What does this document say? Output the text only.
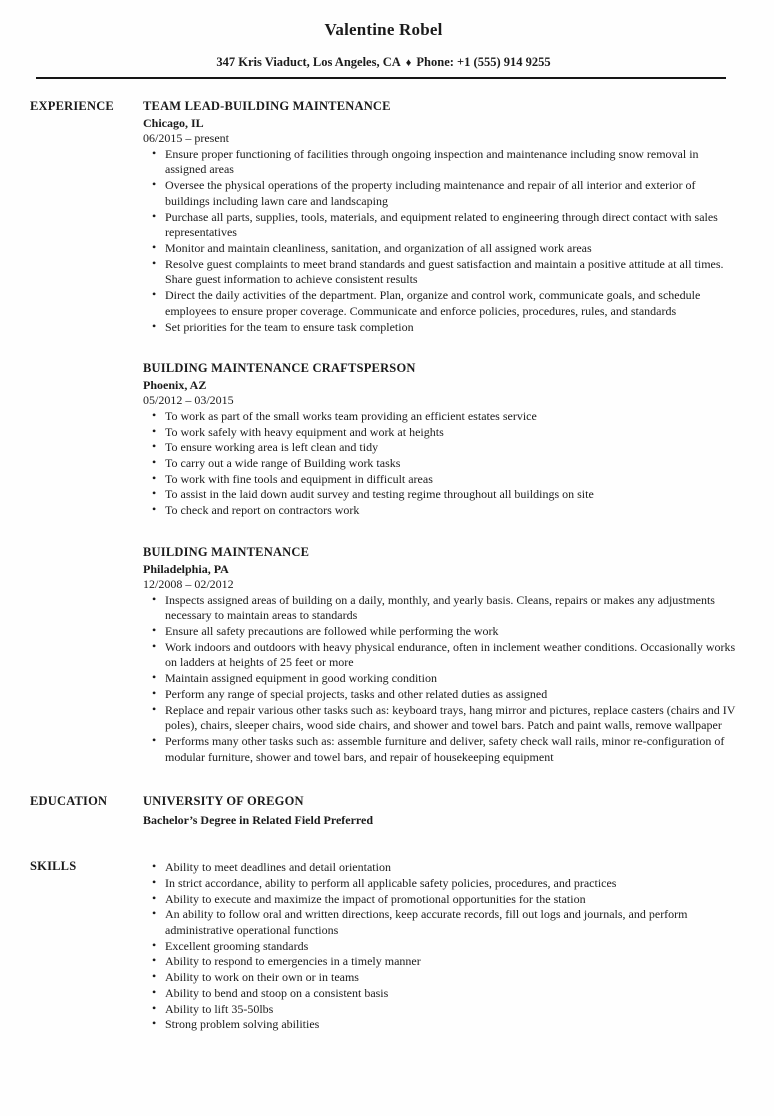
Valentine Robel

347 Kris Viaduct, Los Angeles, CA ♦ Phone: +1 (555) 914 9255

EXPERIENCE	TEAM LEAD-BUILDING MAINTENANCE
Chicago, IL
06/2015 – present
• Ensure proper functioning of facilities through ongoing inspection and maintenance including snow removal in assigned areas
• Oversee the physical operations of the property including maintenance and repair of all interior and exterior of buildings including lawn care and landscaping
• Purchase all parts, supplies, tools, materials, and equipment related to engineering through direct contact with sales representatives
• Monitor and maintain cleanliness, sanitation, and organization of all assigned work areas
• Resolve guest complaints to meet brand standards and guest satisfaction and maintain a positive attitude at all times. Share guest information to achieve consistent results
• Direct the daily activities of the department. Plan, organize and control work, communicate goals, and schedule employees to ensure proper coverage. Communicate and enforce policies, procedures, rules, and standards
• Set priorities for the team to ensure task completion
BUILDING MAINTENANCE CRAFTSPERSON
Phoenix, AZ
05/2012 – 03/2015
• To work as part of the small works team providing an efficient estates service
• To work safely with heavy equipment and work at heights
• To ensure working area is left clean and tidy
• To carry out a wide range of Building work tasks
• To work with fine tools and equipment in difficult areas
• To assist in the laid down audit survey and testing regime throughout all buildings on site
• To check and report on contractors work
BUILDING MAINTENANCE
Philadelphia, PA
12/2008 – 02/2012
• Inspects assigned areas of building on a daily, monthly, and yearly basis. Cleans, repairs or makes any adjustments necessary to maintain areas to standards
• Ensure all safety precautions are followed while performing the work
• Work indoors and outdoors with heavy physical endurance, often in inclement weather conditions. Occasionally works on ladders at heights of 25 feet or more
• Maintain assigned equipment in good working condition
• Perform any range of special projects, tasks and other related duties as assigned
• Replace and repair various other tasks such as: keyboard trays, hang mirror and pictures, replace casters (chairs and IV poles), chairs, sleeper chairs, wood side chairs, and shower and towel bars. Patch and paint walls, remove wallpaper
• Performs many other tasks such as: assemble furniture and deliver, safety check wall rails, minor re-configuration of modular furniture, shower and towel bars, and repair of housekeeping equipment
EDUCATION	UNIVERSITY OF OREGON
Bachelor’s Degree in Related Field Preferred
SKILLS	• Ability to meet deadlines and detail orientation
• In strict accordance, ability to perform all applicable safety policies, procedures, and practices
• Ability to execute and maximize the impact of promotional opportunities for the station
• An ability to follow oral and written directions, keep accurate records, fill out logs and journals, and perform administrative operational functions
• Excellent grooming standards
• Ability to respond to emergencies in a timely manner
• Ability to work on their own or in teams
• Ability to bend and stoop on a consistent basis
• Ability to lift 35-50lbs
• Strong problem solving abilities
